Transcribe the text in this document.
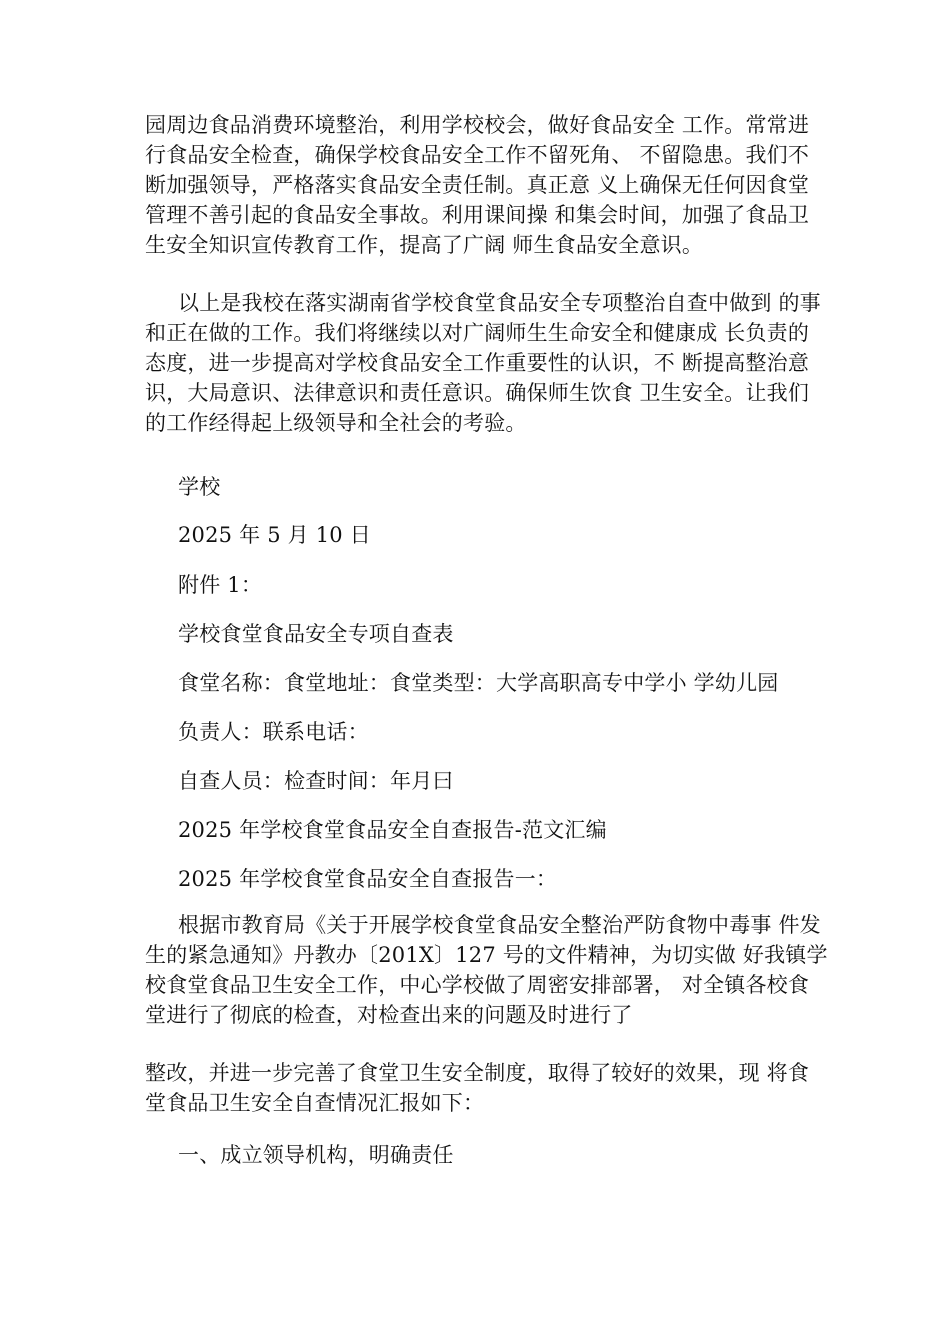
园周边食品消费环境整治，利用学校校会，做好食品安全 工作。常常进
行食品安全检查，确保学校食品安全工作不留死角、 不留隐患。我们不
断加强领导，严格落实食品安全责任制。真正意 义上确保无任何因食堂
管理不善引起的食品安全事故。利用课间操 和集会时间，加强了食品卫
生安全知识宣传教育工作，提高了广阔 师生食品安全意识。
以上是我校在落实湖南省学校食堂食品安全专项整治自查中做到 的事
和正在做的工作。我们将继续以对广阔师生生命安全和健康成 长负责的
态度，进一步提高对学校食品安全工作重要性的认识，不 断提高整治意
识，大局意识、法律意识和责任意识。确保师生饮食 卫生安全。让我们
的工作经得起上级领导和全社会的考验。
学校
2025 年 5 月 10 日
附件 1：
学校食堂食品安全专项自查表
食堂名称：食堂地址：食堂类型：大学高职高专中学小 学幼儿园
负责人：联系电话：
自查人员：检查时间：年月曰
2025 年学校食堂食品安全自查报告-范文汇编
2025 年学校食堂食品安全自查报告一：
根据市教育局《关于开展学校食堂食品安全整治严防食物中毒事 件发
生的紧急通知》丹教办〔201X〕127 号的文件精神，为切实做 好我镇学
校食堂食品卫生安全工作，中心学校做了周密安排部署， 对全镇各校食
堂进行了彻底的检查，对检查出来的问题及时进行了
整改，并进一步完善了食堂卫生安全制度，取得了较好的效果，现 将食
堂食品卫生安全自查情况汇报如下：
一、成立领导机构，明确责任
